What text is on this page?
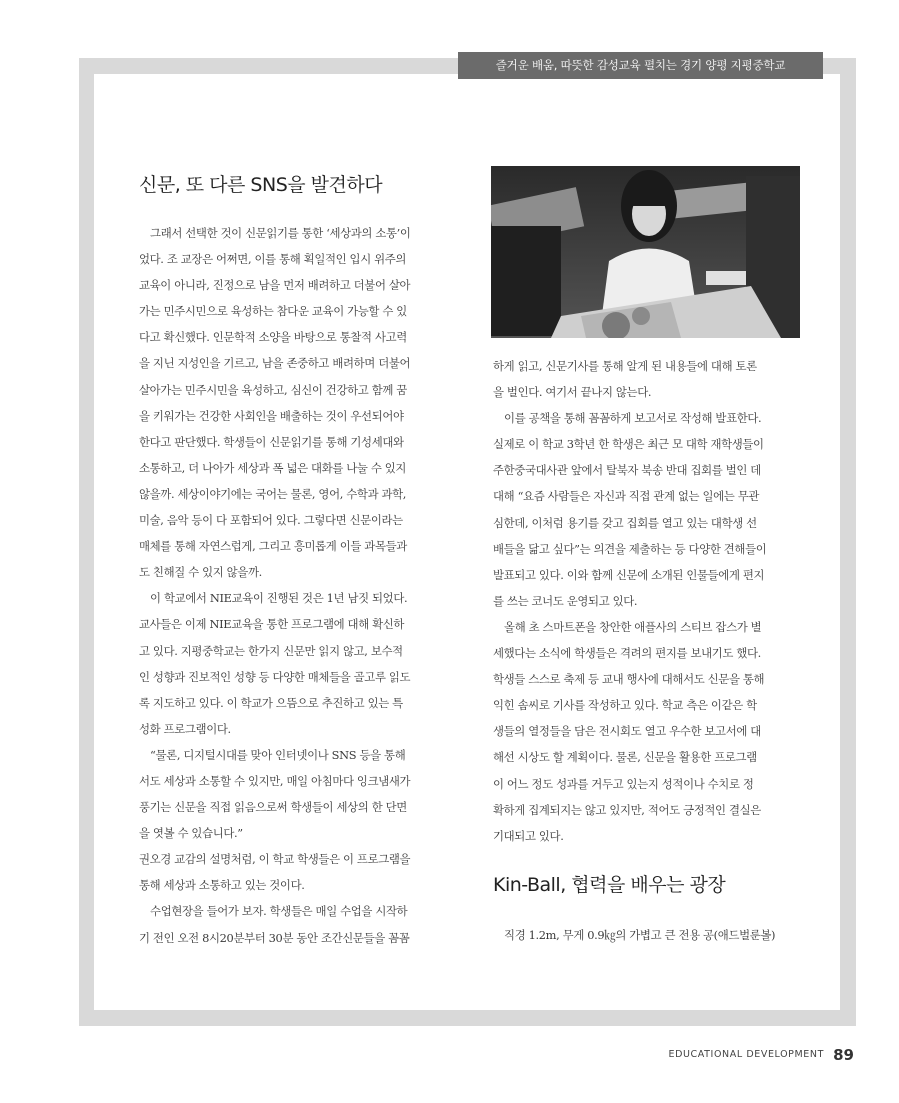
즐거운 배움, 따뜻한 감성교육 펼치는 경기 양평 지평중학교
신문, 또 다른 SNS을 발견하다

　그래서 선택한 것이 신문읽기를 통한 ‘세상과의 소통’이

었다. 조 교장은 어쩌면, 이를 통해 획일적인 입시 위주의

교육이 아니라, 진정으로 남을 먼저 배려하고 더불어 살아

가는 민주시민으로 육성하는 참다운 교육이 가능할 수 있

다고 확신했다. 인문학적 소양을 바탕으로 통찰적 사고력

을 지닌 지성인을 기르고, 남을 존중하고 배려하며 더불어

살아가는 민주시민을 육성하고, 심신이 건강하고 함께 꿈

을 키워가는 건강한 사회인을 배출하는 것이 우선되어야

한다고 판단했다. 학생들이 신문읽기를 통해 기성세대와

소통하고, 더 나아가 세상과 폭 넓은 대화를 나눌 수 있지

않을까. 세상이야기에는 국어는 물론, 영어, 수학과 과학,

미술, 음악 등이 다 포함되어 있다. 그렇다면 신문이라는

매체를 통해 자연스럽게, 그리고 흥미롭게 이들 과목들과

도 친해질 수 있지 않을까.

　이 학교에서 NIE교육이 진행된 것은 1년 남짓 되었다.

교사들은 이제 NIE교육을 통한 프로그램에 대해 확신하

고 있다. 지평중학교는 한가지 신문만 읽지 않고, 보수적

인 성향과 진보적인 성향 등 다양한 매체들을 골고루 읽도

록 지도하고 있다. 이 학교가 으뜸으로 추진하고 있는 특

성화 프로그램이다.

　“물론, 디지털시대를 맞아 인터넷이나 SNS 등을 통해

서도 세상과 소통할 수 있지만, 매일 아침마다 잉크냄새가

풍기는 신문을 직접 읽음으로써 학생들이 세상의 한 단면

을 엿볼 수 있습니다.”

권오경 교감의 설명처럼, 이 학교 학생들은 이 프로그램을

통해 세상과 소통하고 있는 것이다.

　수업현장을 들어가 보자. 학생들은 매일 수업을 시작하

기 전인 오전 8시20분부터 30분 동안 조간신문들을 꼼꼼

하게 읽고, 신문기사를 통해 알게 된 내용들에 대해 토론

을 벌인다. 여기서 끝나지 않는다.

　이를 공책을 통해 꼼꼼하게 보고서로 작성해 발표한다.

실제로 이 학교 3학년 한 학생은 최근 모 대학 재학생들이

주한중국대사관 앞에서 탈북자 북송 반대 집회를 벌인 데

대해 “요즘 사람들은 자신과 직접 관계 없는 일에는 무관

심한데, 이처럼 용기를 갖고 집회를 열고 있는 대학생 선

배들을 닮고 싶다”는 의견을 제출하는 등 다양한 견해들이

발표되고 있다. 이와 함께 신문에 소개된 인물들에게 편지

를 쓰는 코너도 운영되고 있다.

　올해 초 스마트폰을 창안한 애플사의 스티브 잡스가 별

세했다는 소식에 학생들은 격려의 편지를 보내기도 했다.

학생들 스스로 축제 등 교내 행사에 대해서도 신문을 통해

익힌 솜씨로 기사를 작성하고 있다. 학교 측은 이같은 학

생들의 열정들을 담은 전시회도 열고 우수한 보고서에 대

해선 시상도 할 계획이다. 물론, 신문을 활용한 프로그램

이 어느 정도 성과를 거두고 있는지 성적이나 수치로 정

확하게 집계되지는 않고 있지만, 적어도 긍정적인 결실은

기대되고 있다.

Kin-Ball, 협력을 배우는 광장
　직경 1.2m, 무게 0.9㎏의 가볍고 큰 전용 공(애드벌룬볼)
EDUCATIONAL DEVELOPMENT 89
